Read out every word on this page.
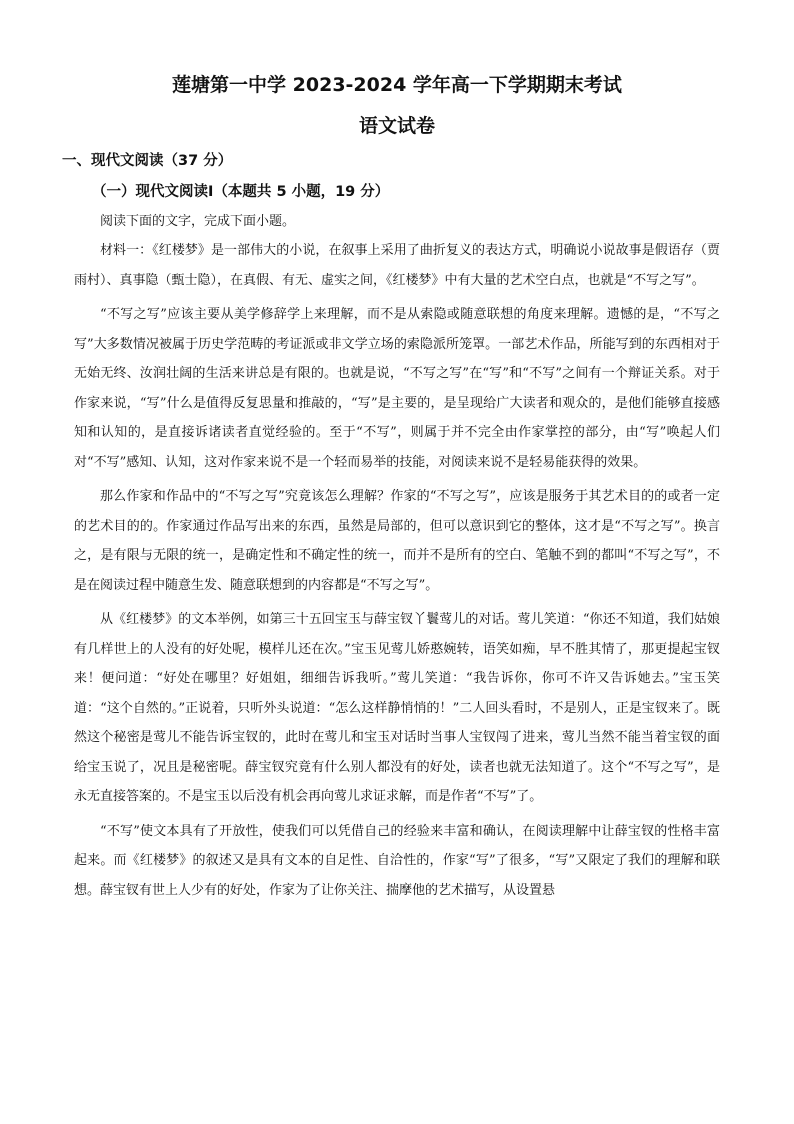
莲塘第一中学 2023-2024 学年高一下学期期末考试
语文试卷
一、现代文阅读（37 分）
（一）现代文阅读Ⅰ（本题共 5 小题，19 分）
阅读下面的文字，完成下面小题。

材料一：《红楼梦》是一部伟大的小说，在叙事上采用了曲折复义的表达方式，明确说小说故事是假语存（贾雨村）、真事隐（甄士隐），在真假、有无、虚实之间，《红楼梦》中有大量的艺术空白点，也就是“不写之写”。

“不写之写”应该主要从美学修辞学上来理解，而不是从索隐或随意联想的角度来理解。遗憾的是，“不写之写”大多数情况被属于历史学范畴的考证派或非文学立场的索隐派所笼罩。一部艺术作品，所能写到的东西相对于无始无终、汝润壮阔的生活来讲总是有限的。也就是说，“不写之写”在“写”和“不写”之间有一个辩证关系。对于作家来说，“写”什么是值得反复思量和推敲的，“写”是主要的，是呈现给广大读者和观众的，是他们能够直接感知和认知的，是直接诉诸读者直觉经验的。至于“不写”，则属于并不完全由作家掌控的部分，由“写”唤起人们对“不写”感知、认知，这对作家来说不是一个轻而易举的技能，对阅读来说不是轻易能获得的效果。

那么作家和作品中的“不写之写”究竟该怎么理解？作家的“不写之写”，应该是服务于其艺术目的的或者一定的艺术目的的。作家通过作品写出来的东西，虽然是局部的，但可以意识到它的整体，这才是“不写之写”。换言之，是有限与无限的统一，是确定性和不确定性的统一，而并不是所有的空白、笔触不到的都叫“不写之写”，不是在阅读过程中随意生发、随意联想到的内容都是“不写之写”。

从《红楼梦》的文本举例，如第三十五回宝玉与薛宝钗丫鬟莺儿的对话。莺儿笑道：“你还不知道，我们姑娘有几样世上的人没有的好处呢，模样儿还在次。”宝玉见莺儿娇憨婉转，语笑如痴，早不胜其情了，那更提起宝钗来！便问道：“好处在哪里？好姐姐，细细告诉我听。”莺儿笑道：“我告诉你，你可不许又告诉她去。”宝玉笑道：“这个自然的。”正说着，只听外头说道：“怎么这样静悄悄的！”二人回头看时，不是别人，正是宝钗来了。既然这个秘密是莺儿不能告诉宝钗的，此时在莺儿和宝玉对话时当事人宝钗闯了进来，莺儿当然不能当着宝钗的面给宝玉说了，况且是秘密呢。薛宝钗究竟有什么别人都没有的好处，读者也就无法知道了。这个“不写之写”，是永无直接答案的。不是宝玉以后没有机会再向莺儿求证求解，而是作者“不写”了。

“不写”使文本具有了开放性，使我们可以凭借自己的经验来丰富和确认，在阅读理解中让薛宝钗的性格丰富起来。而《红楼梦》的叙述又是具有文本的自足性、自洽性的，作家“写”了很多，“写”又限定了我们的理解和联想。薛宝钗有世上人少有的好处，作家为了让你关注、揣摩他的艺术描写，从设置悬
